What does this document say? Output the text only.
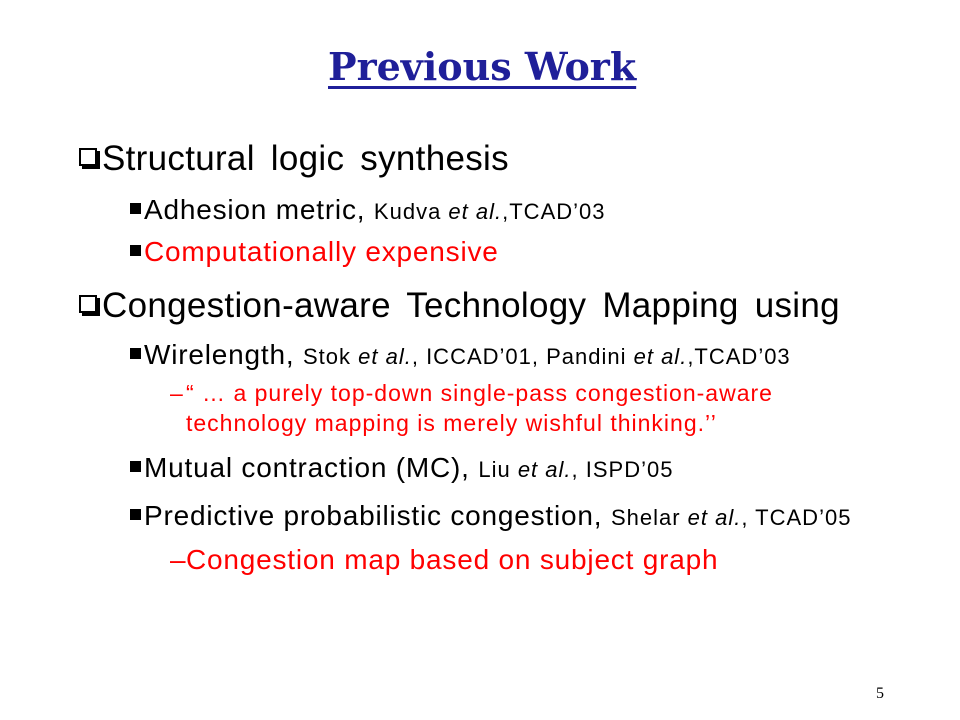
Previous Work
Structural logic synthesis
Adhesion metric, Kudva et al.,TCAD’03
Computationally expensive
Congestion-aware Technology Mapping using
Wirelength, Stok et al., ICCAD’01, Pandini et al.,TCAD’03
– “ … a purely top-down single-pass congestion-aware technology mapping is merely wishful thinking.’’
Mutual contraction (MC), Liu et al., ISPD’05
Predictive probabilistic congestion, Shelar et al., TCAD’05
– Congestion map based on subject graph
5
